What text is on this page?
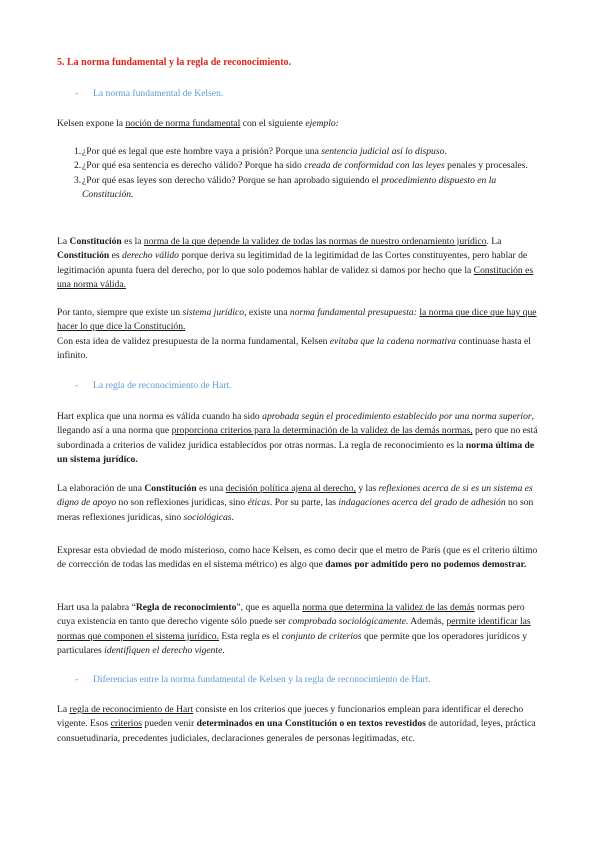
5. La norma fundamental y la regla de reconocimiento.

- La norma fundamental de Kelsen.

Kelsen expone la noción de norma fundamental con el siguiente ejemplo:

1. ¿Por qué es legal que este hombre vaya a prisión? Porque una sentencia judicial así lo dispuso.
2. ¿Por qué esa sentencia es derecho válido? Porque ha sido creada de conformidad con las leyes penales y procesales.
3. ¿Por qué esas leyes son derecho válido? Porque se han aprobado siguiendo el procedimiento dispuesto en la Constitución.

La Constitución es la norma de la que depende la validez de todas las normas de nuestro ordenamiento jurídico. La Constitución es derecho válido porque deriva su legitimidad de la legitimidad de las Cortes constituyentes, pero hablar de legitimación apunta fuera del derecho, por lo que solo podemos hablar de validez si damos por hecho que la Constitución es una norma válida.

Por tanto, siempre que existe un sistema jurídico, existe una norma fundamental presupuesta: la norma que dice que hay que hacer lo que dice la Constitución.
Con esta idea de validez presupuesta de la norma fundamental, Kelsen evitaba que la cadena normativa continuase hasta el infinito.

- La regla de reconocimiento de Hart.

Hart explica que una norma es válida cuando ha sido aprobada según el procedimiento establecido por una norma superior, llegando así a una norma que proporciona criterios para la determinación de la validez de las demás normas, pero que no está subordinada a criterios de validez jurídica establecidos por otras normas. La regla de reconocimiento es la norma última de un sistema jurídico.

La elaboración de una Constitución es una decisión política ajena al derecho, y las reflexiones acerca de si es un sistema es digno de apoyo no son reflexiones jurídicas, sino éticas. Por su parte, las indagaciones acerca del grado de adhesión no son meras reflexiones jurídicas, sino sociológicas.

Expresar esta obviedad de modo misterioso, como hace Kelsen, es como decir que el metro de París (que es el criterio último de corrección de todas las medidas en el sistema métrico) es algo que damos por admitido pero no podemos demostrar.

Hart usa la palabra “Regla de reconocimiento”, que es aquella norma que determina la validez de las demás normas pero cuya existencia en tanto que derecho vigente sólo puede ser comprobada sociológicamente. Además, permite identificar las normas que componen el sistema jurídico. Esta regla es el conjunto de criterios que permite que los operadores jurídicos y particulares identifiquen el derecho vigente.

- Diferencias entre la norma fundamental de Kelsen y la regla de reconocimiento de Hart.

La regla de reconocimiento de Hart consiste en los criterios que jueces y funcionarios emplean para identificar el derecho vigente. Esos criterios pueden venir determinados en una Constitución o en textos revestidos de autoridad, leyes, práctica consuetudinaria, precedentes judiciales, declaraciones generales de personas legitimadas, etc.
